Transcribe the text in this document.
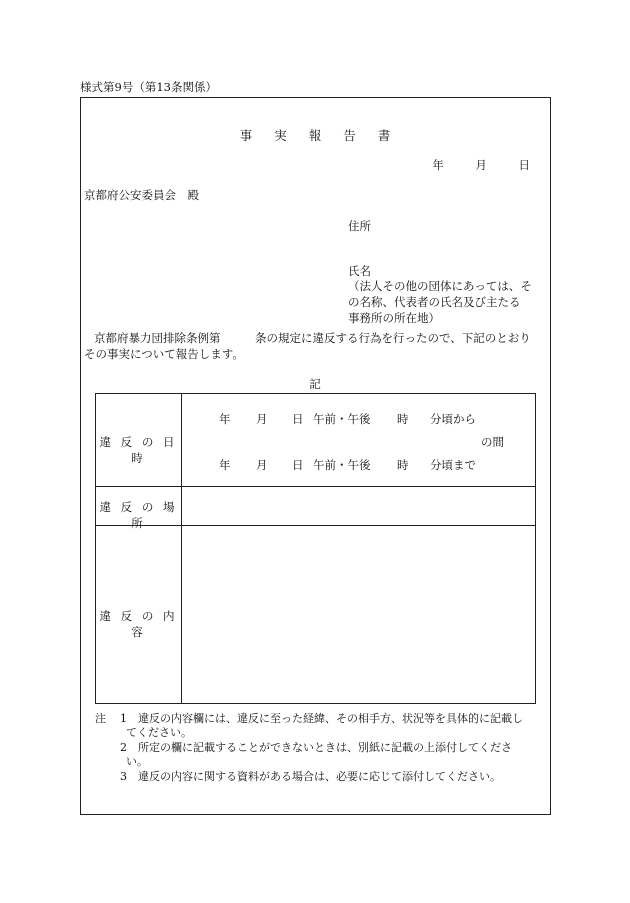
様式第9号（第13条関係）
事実報告書
年	月	日
京都府公安委員会　殿
住所
氏名
（法人その他の団体にあっては、そ
の名称、代表者の氏名及び主たる
事務所の所在地）
京都府暴力団排除条例第　　　条の規定に違反する行為を行ったので、下記のとおり
その事実について報告します。
記
違 反 の 日 時
違 反 の 場 所
違 反 の 内 容
年 月 日 午前・午後 時 分頃から
の間
年 月 日 午前・午後 時 分頃まで
注 1 違反の内容欄には、違反に至った経緯、その相手方、状況等を具体的に記載し
てください。
2 所定の欄に記載することができないときは、別紙に記載の上添付してくださ
い。
3 違反の内容に関する資料がある場合は、必要に応じて添付してください。
